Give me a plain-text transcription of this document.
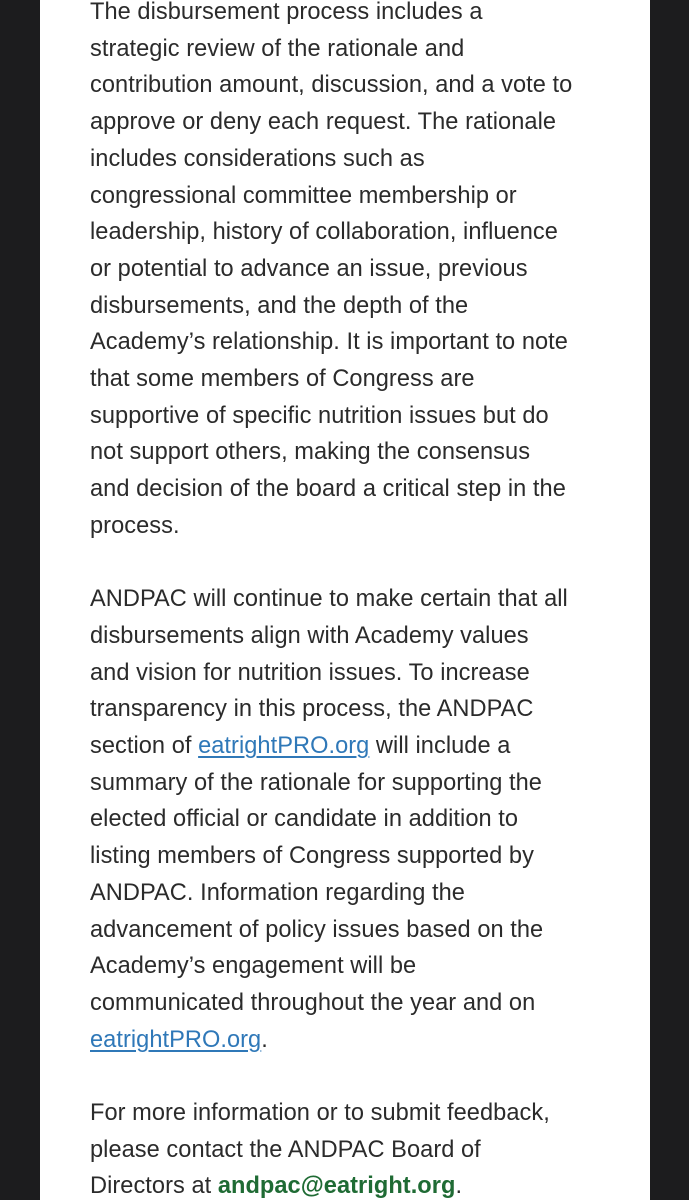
The disbursement process includes a
strategic review of the rationale and
contribution amount, discussion, and a vote to
approve or deny each request. The rationale
includes considerations such as
congressional committee membership or
leadership, history of collaboration, influence
or potential to advance an issue, previous
disbursements, and the depth of the
Academy’s relationship. It is important to note
that some members of Congress are
supportive of specific nutrition issues but do
not support others, making the consensus
and decision of the board a critical step in the
process.

ANDPAC will continue to make certain that all
disbursements align with Academy values
and vision for nutrition issues. To increase
transparency in this process, the ANDPAC
section of eatrightPRO.org will include a
summary of the rationale for supporting the
elected official or candidate in addition to
listing members of Congress supported by
ANDPAC. Information regarding the
advancement of policy issues based on the
Academy’s engagement will be
communicated throughout the year and on
eatrightPRO.org.

For more information or to submit feedback,
please contact the ANDPAC Board of
Directors at andpac@eatright.org.
